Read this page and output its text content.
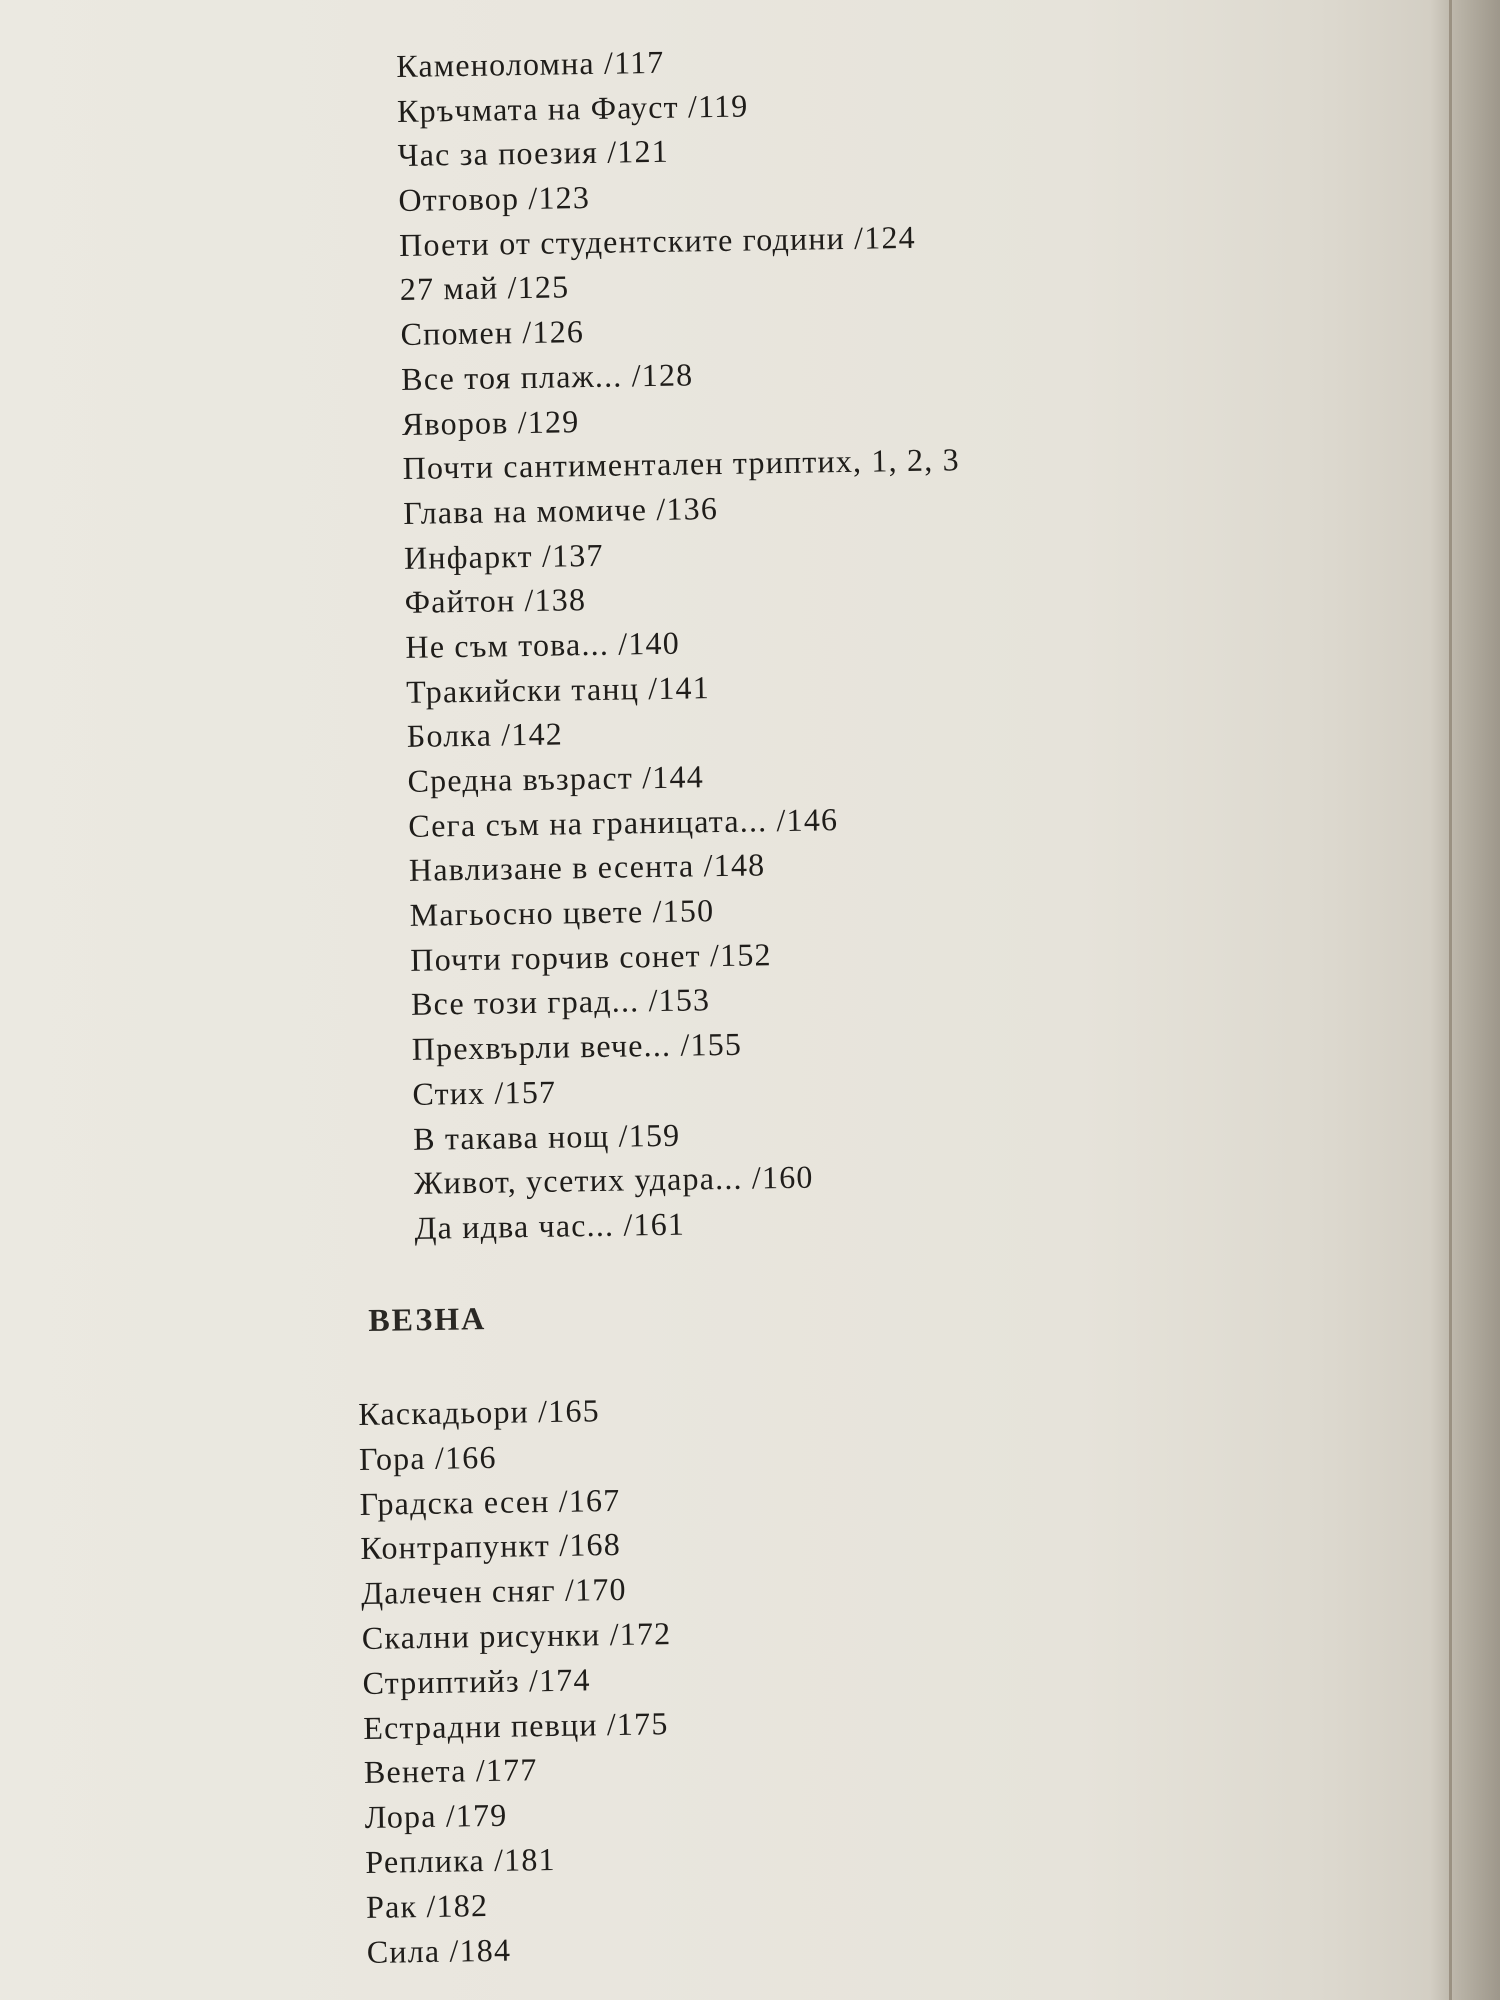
Каменоломна /117
Кръчмата на Фауст /119
Час за поезия /121
Отговор /123
Поети от студентските години /124
27 май /125
Спомен /126
Все тоя плаж... /128
Яворов /129
Почти сантиментален триптих, 1, 2, 3
Глава на момиче /136
Инфаркт /137
Файтон /138
Не съм това... /140
Тракийски танц /141
Болка /142
Средна възраст /144
Сега съм на границата... /146
Навлизане в есента /148
Магьосно цвете /150
Почти горчив сонет /152
Все този град... /153
Прехвърли вече... /155
Стих /157
В такава нощ /159
Живот, усетих удара... /160
Да идва час... /161
ВЕЗНА
Каскадьори /165
Гора /166
Градска есен /167
Контрапункт /168
Далечен сняг /170
Скални рисунки /172
Стриптийз /174
Естрадни певци /175
Венета /177
Лора /179
Реплика /181
Рак /182
Сила /184
